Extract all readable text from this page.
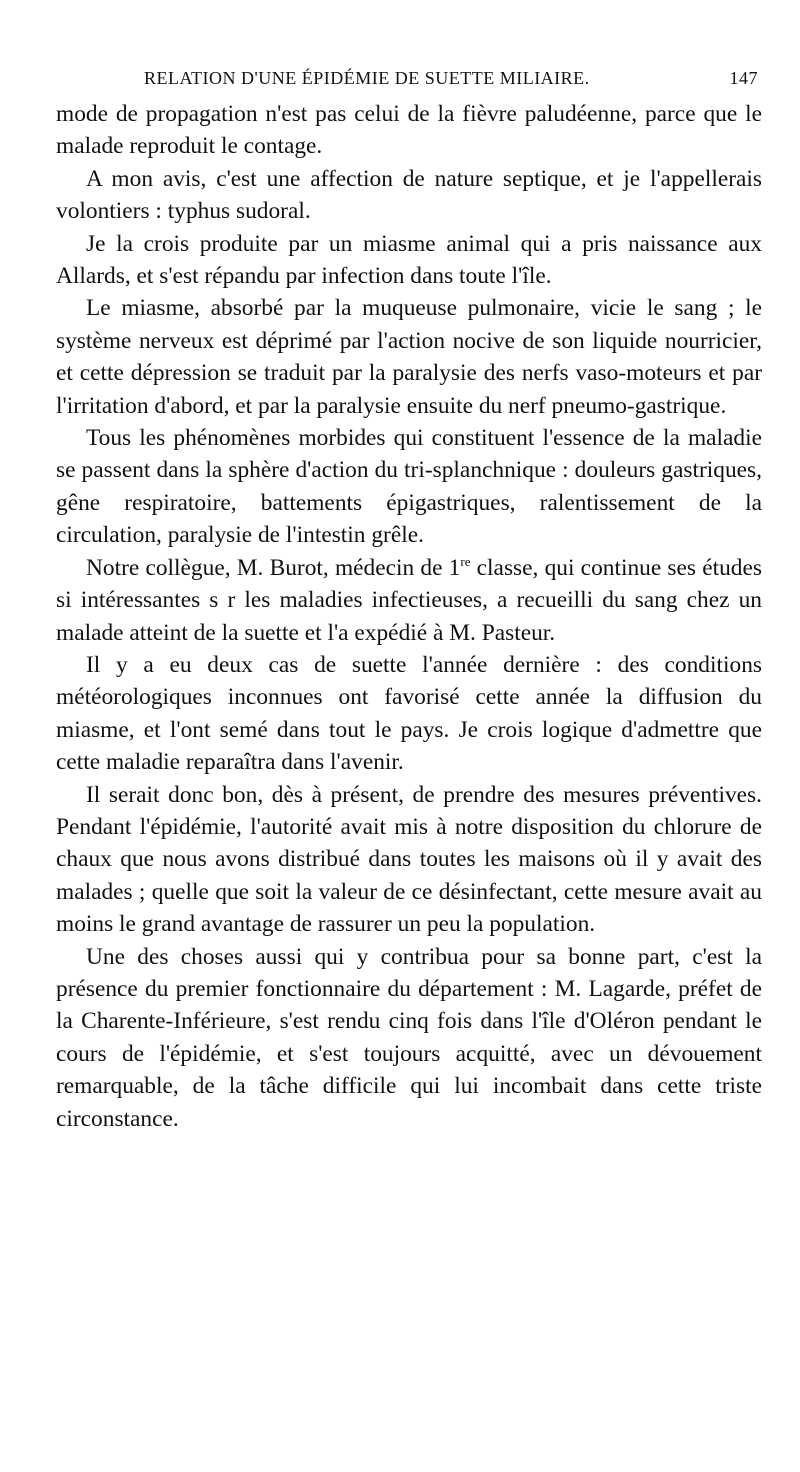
RELATION D'UNE ÉPIDÉMIE DE SUETTE MILIAIRE.	147

mode de propagation n'est pas celui de la fièvre paludéenne, parce que le malade reproduit le contage.

A mon avis, c'est une affection de nature septique, et je l'appellerais volontiers : typhus sudoral.

Je la crois produite par un miasme animal qui a pris naissance aux Allards, et s'est répandu par infection dans toute l'île.

Le miasme, absorbé par la muqueuse pulmonaire, vicie le sang ; le système nerveux est déprimé par l'action nocive de son liquide nourricier, et cette dépression se traduit par la paralysie des nerfs vaso-moteurs et par l'irritation d'abord, et par la paralysie ensuite du nerf pneumo-gastrique.

Tous les phénomènes morbides qui constituent l'essence de la maladie se passent dans la sphère d'action du tri-splanchnique : douleurs gastriques, gêne respiratoire, battements épigastriques, ralentissement de la circulation, paralysie de l'intestin grêle.

Notre collègue, M. Burot, médecin de 1re classe, qui continue ses études si intéressantes s r les maladies infectieuses, a recueilli du sang chez un malade atteint de la suette et l'a expédié à M. Pasteur.

Il y a eu deux cas de suette l'année dernière : des conditions météorologiques inconnues ont favorisé cette année la diffusion du miasme, et l'ont semé dans tout le pays. Je crois logique d'admettre que cette maladie reparaîtra dans l'avenir.

Il serait donc bon, dès à présent, de prendre des mesures préventives. Pendant l'épidémie, l'autorité avait mis à notre disposition du chlorure de chaux que nous avons distribué dans toutes les maisons où il y avait des malades ; quelle que soit la valeur de ce désinfectant, cette mesure avait au moins le grand avantage de rassurer un peu la population.

Une des choses aussi qui y contribua pour sa bonne part, c'est la présence du premier fonctionnaire du département : M. Lagarde, préfet de la Charente-Inférieure, s'est rendu cinq fois dans l'île d'Oléron pendant le cours de l'épidémie, et s'est toujours acquitté, avec un dévouement remarquable, de la tâche difficile qui lui incombait dans cette triste circonstance.
